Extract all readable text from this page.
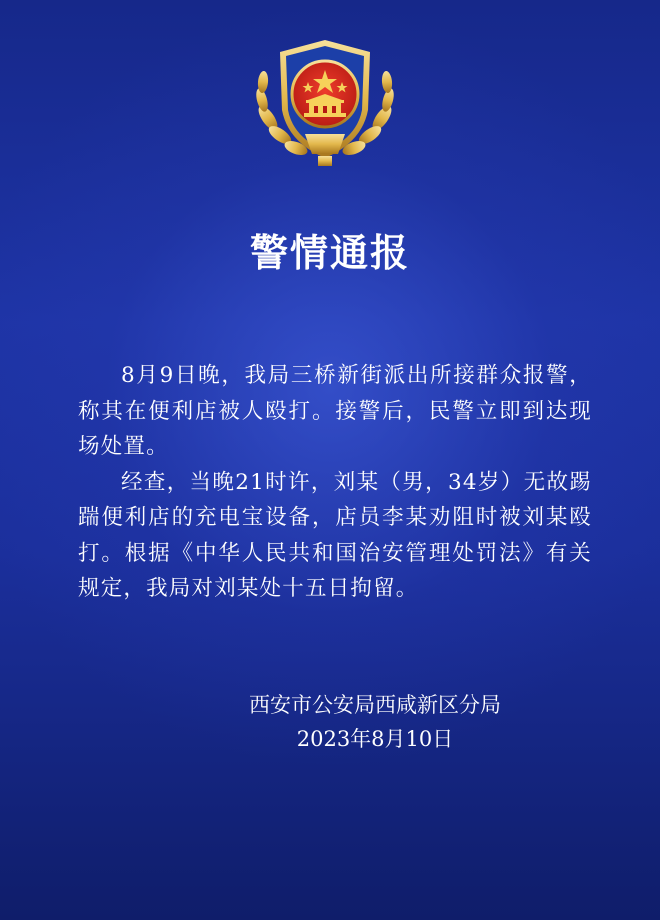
警情通报

8月9日晚，我局三桥新街派出所接群众报警，称其在便利店被人殴打。接警后，民警立即到达现场处置。

经查，当晚21时许，刘某（男，34岁）无故踢踹便利店的充电宝设备，店员李某劝阻时被刘某殴打。根据《中华人民共和国治安管理处罚法》有关规定，我局对刘某处十五日拘留。

西安市公安局西咸新区分局
2023年8月10日
